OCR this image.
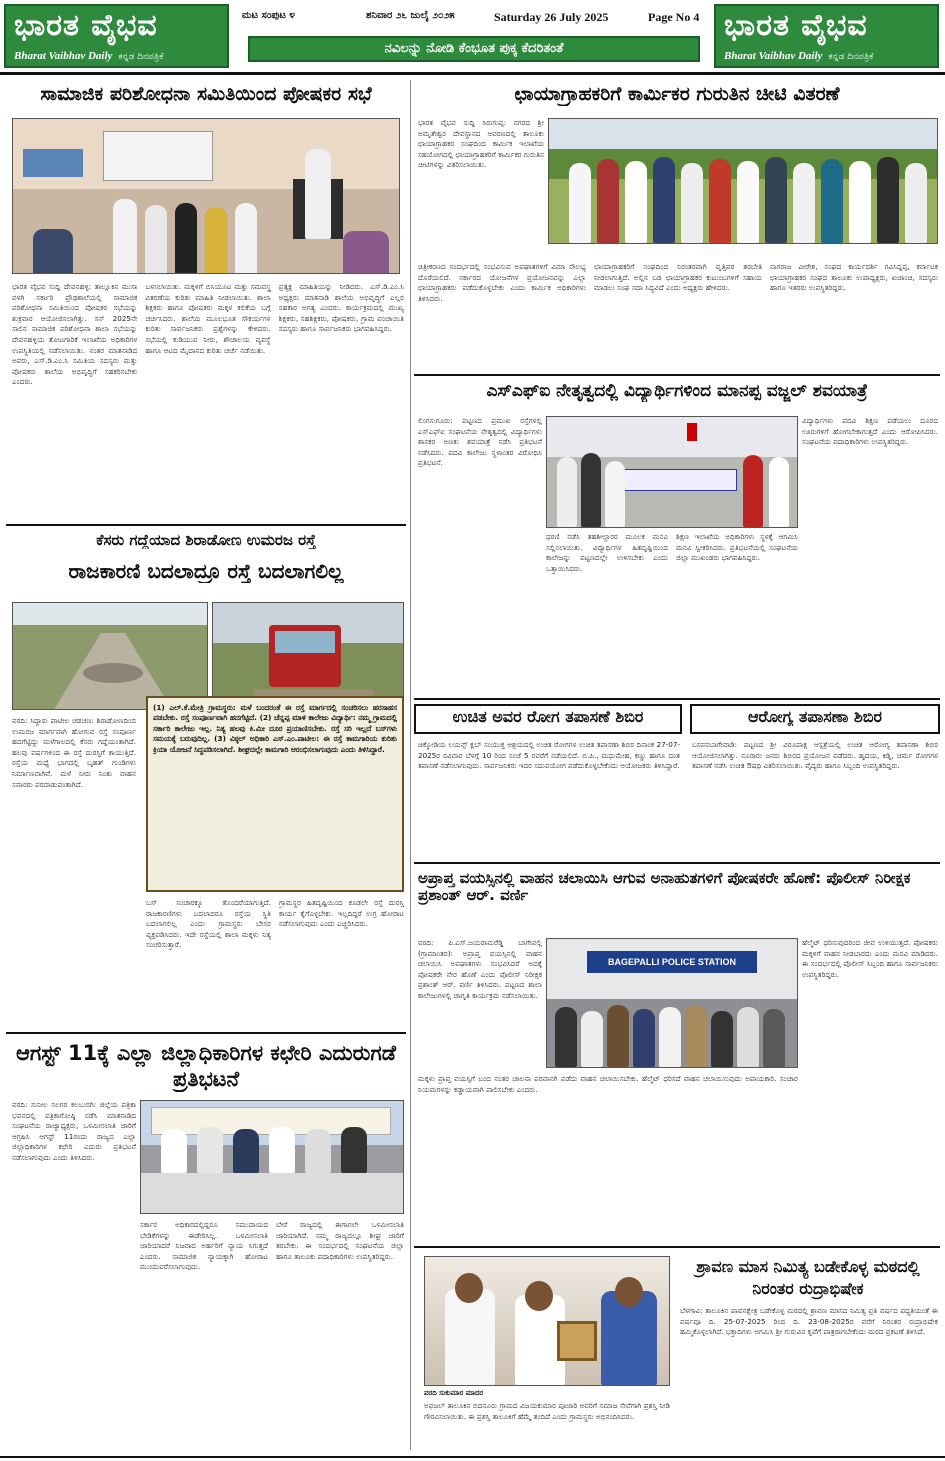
ಭಾರತ ವೈಭವ
Bharat Vaibhav Daily ಕನ್ನಡ ದಿನಪತ್ರಿಕೆ
ಮಟ ಸಂಪುಟ ೪	ಶನಿವಾರ ೨೬ ಜುಲೈ ೨೦೨೫	Saturday 26 July 2025	Page No 4
ನವಿಲನ್ನು ನೋಡಿ ಕೆಂಭೂತ ಪುಕ್ಕ ಕೆದರಿತಂತೆ
ಭಾರತ ವೈಭವ
Bharat Vaibhav Daily ಕನ್ನಡ ದಿನಪತ್ರಿಕೆ
ಸಾಮಾಜಿಕ ಪರಿಶೋಧನಾ ಸಮಿತಿಯಿಂದ ಪೋಷಕರ ಸಭೆ
ಭಾರತ ವೈಭವ ಸುದ್ದಿ ದೇವನಹಳ್ಳಿ: ತಾಲ್ಲೂಕಿನ ಮುಸಾ ವಳಗಿ ಸರ್ಕಾರಿ ಪ್ರೌಢಶಾಲೆಯಲ್ಲಿ ಸಾಮಾಜಿಕ ಪರಿಶೋಧನಾ ಸಮಿತಿಯಿಂದ ಪೋಷಕರ ಸಭೆಯನ್ನು ಶುಕ್ರವಾರ ಆಯೋಜಿಸಲಾಗಿತ್ತು. ಸನ್ 2025ನೇ ಸಾಲಿನ ಸಾಮಾಜಿಕ ಪರಿಶೋಧನಾ ಶಾಲಾ ಸಭೆಯನ್ನು ದೇವನಹಳ್ಳಿಯ ತೋಟಗಾರಿಕೆ ಇಲಾಖೆಯ ಅಧಿಕಾರಿಗಳ ಉಪಸ್ಥಿತಿಯಲ್ಲಿ ನಡೆಸಲಾಯಿತು. ನಂತರ ಮಾತನಾಡಿದ ಅವರು, ಎಸ್.ಡಿ.ಎಂ.ಸಿ ಸಮಿತಿಯ ಸದಸ್ಯರು ಮತ್ತು ಪೋಷಕರು ಶಾಲೆಯ ಅಭಿವೃದ್ಧಿಗೆ ಸಹಕರಿಸಬೇಕು ಎಂದರು.
ಬಳಸಲಾಯಿತು. ಮಕ್ಕಳಿಗೆ ಬಿಸಿಯೂಟ ಮತ್ತು ಸಮವಸ್ತ್ರ ವಿತರಣೆಯ ಕುರಿತು ಮಾಹಿತಿ ನೀಡಲಾಯಿತು. ಶಾಲಾ ಶಿಕ್ಷಕರು ಹಾಗೂ ಪೋಷಕರು ಮಕ್ಕಳ ಕಲಿಕೆಯ ಬಗ್ಗೆ ಚರ್ಚಿಸಿದರು. ಶಾಲೆಯ ಮೂಲಭೂತ ಸೌಕರ್ಯಗಳ ಕುರಿತು ಸಾರ್ವಜನಿಕರು ಪ್ರಶ್ನೆಗಳನ್ನು ಕೇಳಿದರು. ಸಭೆಯಲ್ಲಿ ಕುಡಿಯುವ ನೀರು, ಶೌಚಾಲಯ ವ್ಯವಸ್ಥೆ ಹಾಗೂ ಆಟದ ಮೈದಾನದ ಕುರಿತು ಚರ್ಚೆ ನಡೆಯಿತು.
ಪ್ರತ್ಯಕ್ಷ ಮಾಹಿತಿಯನ್ನು ನೀಡಿದರು. ಎಸ್.ಡಿ.ಎಂ.ಸಿ ಅಧ್ಯಕ್ಷರು ಮಾತನಾಡಿ ಶಾಲೆಯ ಅಭಿವೃದ್ಧಿಗೆ ಎಲ್ಲರ ಸಹಕಾರ ಅಗತ್ಯ ಎಂದರು. ಕಾರ್ಯಕ್ರಮದಲ್ಲಿ ಮುಖ್ಯ ಶಿಕ್ಷಕರು, ಸಹಶಿಕ್ಷಕರು, ಪೋಷಕರು, ಗ್ರಾಮ ಪಂಚಾಯಿತಿ ಸದಸ್ಯರು ಹಾಗೂ ಸಾರ್ವಜನಿಕರು ಭಾಗವಹಿಸಿದ್ದರು.
ಛಾಯಾಗ್ರಾಹಕರಿಗೆ ಕಾರ್ಮಿಕರ ಗುರುತಿನ ಚೀಟಿ ವಿತರಣೆ
ಭಾರತ ವೈಭವ ಸುದ್ದಿ ಸಿರುಗುಪ್ಪ: ನಗರದ ಶ್ರೀ ಅಮೃತೇಶ್ವರ ದೇವಸ್ಥಾನದ ಆವರಣದಲ್ಲಿ ತಾಲೂಕು ಛಾಯಾಗ್ರಾಹಕರ ಸಂಘದಿಂದ ಕಾರ್ಮಿಕ ಇಲಾಖೆಯ ಸಹಯೋಗದಲ್ಲಿ ಛಾಯಾಗ್ರಾಹಕರಿಗೆ ಕಾರ್ಮಿಕರ ಗುರುತಿನ ಚೀಟಿಗಳನ್ನು ವಿತರಿಸಲಾಯಿತು.
ಚಿತ್ರೀಕರಣದ ಸಂದರ್ಭದಲ್ಲಿ ಸಂಭವಿಸುವ ಅಪಘಾತಗಳಿಗೆ ವಿಮಾ ಸೌಲಭ್ಯ ದೊರೆಯಲಿದೆ. ಸರ್ಕಾರದ ಯೋಜನೆಗಳ ಪ್ರಯೋಜನವನ್ನು ಎಲ್ಲಾ ಛಾಯಾಗ್ರಾಹಕರು ಪಡೆದುಕೊಳ್ಳಬೇಕು ಎಂದು ಕಾರ್ಮಿಕ ಅಧಿಕಾರಿಗಳು ತಿಳಿಸಿದರು.
ಛಾಯಾಗ್ರಾಹಕರಿಗೆ ಸಂಘದಿಂದ ನಿರಂತರವಾಗಿ ವೃತ್ತಿಪರ ತರಬೇತಿ ನೀಡಲಾಗುತ್ತಿದೆ. ಅಲ್ಲಿನ ಬಡ ಛಾಯಾಗ್ರಾಹಕರ ಕುಟುಂಬಗಳಿಗೆ ಸಹಾಯ ಮಾಡಲು ಸಂಘ ಸದಾ ಸಿದ್ಧವಿದೆ ಎಂದು ಅಧ್ಯಕ್ಷರು ಹೇಳಿದರು.
ನಾಗರಾಜ ವೀರೇಶ, ಸಂಘದ ಕಾರ್ಯದರ್ಶಿ ಗವಿಸಿದ್ದಪ್ಪ, ಕರ್ನಾಟಕ ಛಾಯಾಗ್ರಾಹಕರ ಸಂಘದ ತಾಲೂಕು ಉಪಾಧ್ಯಕ್ಷರು, ಖಜಾಂಚಿ, ಸದಸ್ಯರು ಹಾಗೂ ಇತರರು ಉಪಸ್ಥಿತರಿದ್ದರು.
ಎಸ್‌ಎಫ್‌ಐ ನೇತೃತ್ವದಲ್ಲಿ ವಿದ್ಯಾರ್ಥಿಗಳಿಂದ ಮಾನಪ್ಪ ವಜ್ಜಲ್ ಶವಯಾತ್ರೆ
ಲಿಂಗಸುಗೂರು: ಪಟ್ಟಣದ ಪ್ರಮುಖ ರಸ್ತೆಗಳಲ್ಲಿ ಎಸ್‌ಎಫ್‌ಐ ಸಂಘಟನೆಯ ನೇತೃತ್ವದಲ್ಲಿ ವಿದ್ಯಾರ್ಥಿಗಳು ಶಾಸಕರ ಅಣಕು ಶವಯಾತ್ರೆ ನಡೆಸಿ ಪ್ರತಿಭಟನೆ ನಡೆಸಿದರು. ಪದವಿ ಕಾಲೇಜು ಸ್ಥಳಾಂತರ ವಿರೋಧಿಸಿ ಪ್ರತಿಭಟನೆ.
ವಿದ್ಯಾರ್ಥಿಗಳು ಪದವಿ ಶಿಕ್ಷಣ ಪಡೆಯಲು ದೂರದ ಊರುಗಳಿಗೆ ಹೋಗಬೇಕಾಗುತ್ತದೆ ಎಂದು ಆರೋಪಿಸಿದರು. ಸಂಘಟನೆಯ ಪದಾಧಿಕಾರಿಗಳು ಉಪಸ್ಥಿತರಿದ್ದರು.
ಧರಣಿ ನಡೆಸಿ ತಹಶೀಲ್ದಾರರ ಮೂಲಕ ಮನವಿ ಸಲ್ಲಿಸಲಾಯಿತು. ವಿದ್ಯಾರ್ಥಿಗಳ ಹಿತದೃಷ್ಟಿಯಿಂದ ಕಾಲೇಜನ್ನು ಪಟ್ಟಣದಲ್ಲೇ ಉಳಿಸಬೇಕು ಎಂದು ಒತ್ತಾಯಿಸಿದರು.
ಶಿಕ್ಷಣ ಇಲಾಖೆಯ ಅಧಿಕಾರಿಗಳು ಸ್ಥಳಕ್ಕೆ ಆಗಮಿಸಿ ಮನವಿ ಸ್ವೀಕರಿಸಿದರು. ಪ್ರತಿಭಟನೆಯಲ್ಲಿ ಸಂಘಟನೆಯ ಜಿಲ್ಲಾ ಮುಖಂಡರು ಭಾಗವಹಿಸಿದ್ದರು.
ಕೆಸರು ಗದ್ದೆಯಾದ ಶಿರಾಡೋಣ ಉಮರಜ ರಸ್ತೆ
ರಾಜಕಾರಣಿ ಬದಲಾದ್ರೂ ರಸ್ತೆ ಬದಲಾಗಲಿಲ್ಲ
ವರದಿ: ಸಿದ್ದಾರು ಪಾಟೀಲ ಚಡಚಣ: ಶಿರಾಡೋಣದಿಂದ ಉಮರಜ ಮಾರ್ಗವಾಗಿ ಹೋಗುವ ರಸ್ತೆ ಸಂಪೂರ್ಣ ಹದಗೆಟ್ಟಿದ್ದು ಮಳೆಗಾಲದಲ್ಲಿ ಕೆಸರು ಗದ್ದೆಯಂತಾಗಿದೆ. ಹಲವು ವರ್ಷಗಳಿಂದ ಈ ರಸ್ತೆ ದುರಸ್ತಿಗೆ ಕಾಯುತ್ತಿದೆ. ರಸ್ತೆಯ ಮಧ್ಯೆ ಭಾಗದಲ್ಲಿ ಬೃಹತ್ ಗುಂಡಿಗಳು ನಿರ್ಮಾಣವಾಗಿವೆ. ಮಳೆ ನೀರು ನಿಂತು ವಾಹನ ಸವಾರರು ಪರದಾಡುವಂತಾಗಿದೆ.
(1) ಎಲ್.ಕೆ.ಮೇತ್ರಿ ಗ್ರಾಮಸ್ಥರು: ಮಳೆ ಬಂದರಂತೆ ಈ ರಸ್ತೆ ಮಾರ್ಗದಲ್ಲಿ ಸಂಚರಿಸಲು ಹರಸಾಹಸ ಪಡಬೇಕು. ರಸ್ತೆ ಸಂಪೂರ್ಣವಾಗಿ ಹದಗೆಟ್ಟಿದೆ. (2) ಚೆನ್ನಪ್ಪ ಮಾಳಿ ಕಾಲೇಜು ವಿದ್ಯಾರ್ಥಿ: ನಮ್ಮ ಗ್ರಾಮದಲ್ಲಿ ಸರ್ಕಾರಿ ಕಾಲೇಜು ಇಲ್ಲ. ನಿತ್ಯ ಹಲವು ಕಿ.ಮೀ ದೂರ ಪ್ರಯಾಣಿಸಬೇಕು. ರಸ್ತೆ ಸರಿ ಇಲ್ಲದೆ ಬಸ್‌ಗಳು ಸಮಯಕ್ಕೆ ಬರುವುದಿಲ್ಲ. (3) ವಿಠ್ಠಲ್ ಅಧಿಕಾರಿ ಎಸ್.ಎಂ.ಪಾಟೀಲ: ಈ ರಸ್ತೆ ಕಾಮಗಾರಿಯ ಕುರಿತು ಕ್ರಿಯಾ ಯೋಜನೆ ಸಿದ್ಧಪಡಿಸಲಾಗಿದೆ. ಶೀಘ್ರದಲ್ಲೇ ಕಾಮಗಾರಿ ಆರಂಭಿಸಲಾಗುವುದು ಎಂದು ತಿಳಿಸಿದ್ದಾರೆ.
ಬಸ್ ಸಂಚಾರಕ್ಕೂ ತೊಂದರೆಯಾಗುತ್ತಿದೆ. ರಾಜಕಾರಣಿಗಳು ಬದಲಾದರೂ ರಸ್ತೆಯ ಸ್ಥಿತಿ ಬದಲಾಗಲಿಲ್ಲ ಎಂದು ಗ್ರಾಮಸ್ಥರು ಬೇಸರ ವ್ಯಕ್ತಪಡಿಸಿದರು. ಇದೇ ರಸ್ತೆಯಲ್ಲಿ ಶಾಲಾ ಮಕ್ಕಳು ನಿತ್ಯ ಸಂಚರಿಸುತ್ತಾರೆ.
ಗ್ರಾಮಸ್ಥರ ಹಿತದೃಷ್ಟಿಯಿಂದ ಕೂಡಲೇ ರಸ್ತೆ ದುರಸ್ತಿ ಕಾರ್ಯ ಕೈಗೊಳ್ಳಬೇಕು. ಇಲ್ಲದಿದ್ದರೆ ಉಗ್ರ ಹೋರಾಟ ನಡೆಸಲಾಗುವುದು ಎಂದು ಎಚ್ಚರಿಸಿದರು.
ಉಚಿತ ಅವರ ರೋಗ ತಪಾಸಣೆ ಶಿಬಿರ
ಚಿಕ್ಕೋಡಿಯ ಲಯನ್ಸ್ ಕ್ಲಬ್ ಸಂಯುಕ್ತ ಆಶ್ರಯದಲ್ಲಿ ಉಚಿತ ರೋಗಗಳ ಉಚಿತ ತಪಾಸಣಾ ಶಿಬಿರ ದಿನಾಂಕ 27-07-2025ರ ರವಿವಾರ ಬೆಳಗ್ಗೆ 10 ರಿಂದ ಸಂಜೆ 5 ರವರೆಗೆ ನಡೆಯಲಿದೆ. ಬಿ.ಪಿ., ಮಧುಮೇಹ, ಕಣ್ಣು ಹಾಗೂ ದಂತ ತಪಾಸಣೆ ನಡೆಸಲಾಗುವುದು. ಸಾರ್ವಜನಿಕರು ಇದರ ಸದುಪಯೋಗ ಪಡೆದುಕೊಳ್ಳಬೇಕೆಂದು ಆಯೋಜಕರು ತಿಳಿಸಿದ್ದಾರೆ.
ಆರೋಗ್ಯ ತಪಾಸಣಾ ಶಿಬಿರ
ಬಸವನಬಾಗೇವಾಡಿ: ಪಟ್ಟಣದ ಶ್ರೀ ವಿರೂಪಾಕ್ಷ ಆಸ್ಪತ್ರೆಯಲ್ಲಿ ಉಚಿತ ಆರೋಗ್ಯ ತಪಾಸಣಾ ಶಿಬಿರ ಆಯೋಜಿಸಲಾಗಿತ್ತು. ನೂರಾರು ಜನರು ಶಿಬಿರದ ಪ್ರಯೋಜನ ಪಡೆದರು. ಹೃದಯ, ಕಿಡ್ನಿ, ಚರ್ಮ ರೋಗಗಳ ತಪಾಸಣೆ ನಡೆಸಿ ಉಚಿತ ಔಷಧಿ ವಿತರಿಸಲಾಯಿತು. ವೈದ್ಯರು ಹಾಗೂ ಸಿಬ್ಬಂದಿ ಉಪಸ್ಥಿತರಿದ್ದರು.
ಅಪ್ರಾಪ್ತ ವಯಸ್ಸಿನಲ್ಲಿ ವಾಹನ ಚಲಾಯಿಸಿ ಆಗುವ ಅನಾಹುತಗಳಿಗೆ ಪೋಷಕರೇ ಹೊಣೆ: ಪೊಲೀಸ್ ನಿರೀಕ್ಷಕ ಪ್ರಶಾಂತ್ ಆರ್. ವರ್ಣಿ
ವರದಿ: ಪಿ.ಎಸ್.ಜಯರಾಮರೆಡ್ಡಿ ಬಾಗೇಪಲ್ಲಿ (ಗ್ರಾಮಾಂತರ): ಅಪ್ರಾಪ್ತ ವಯಸ್ಸಿನಲ್ಲಿ ವಾಹನ ಚಲಾಯಿಸಿ ಅಪಘಾತಗಳು ಸಂಭವಿಸಿದರೆ ಅದಕ್ಕೆ ಪೋಷಕರೇ ನೇರ ಹೊಣೆ ಎಂದು ಪೊಲೀಸ್ ನಿರೀಕ್ಷಕ ಪ್ರಶಾಂತ್ ಆರ್. ವರ್ಣಿ ತಿಳಿಸಿದರು. ಪಟ್ಟಣದ ಶಾಲಾ ಕಾಲೇಜುಗಳಲ್ಲಿ ಜಾಗೃತಿ ಕಾರ್ಯಕ್ರಮ ನಡೆಸಲಾಯಿತು.
BAGEPALLI POLICE STATION
ಹೆಲ್ಮೆಟ್ ಧರಿಸುವುದರಿಂದ ಜೀವ ಉಳಿಯುತ್ತದೆ. ಪೋಷಕರು ಮಕ್ಕಳಿಗೆ ವಾಹನ ನೀಡಬಾರದು ಎಂದು ಮನವಿ ಮಾಡಿದರು. ಈ ಸಂದರ್ಭದಲ್ಲಿ ಪೊಲೀಸ್ ಸಿಬ್ಬಂದಿ ಹಾಗೂ ಸಾರ್ವಜನಿಕರು ಉಪಸ್ಥಿತರಿದ್ದರು.
ಮಕ್ಕಳು ಪ್ರಾಪ್ತ ವಯಸ್ಸಿಗೆ ಬಂದ ನಂತರ ಚಾಲನಾ ಪರವಾನಗಿ ಪಡೆದು ವಾಹನ ಚಲಾಯಿಸಬೇಕು. ಹೆಲ್ಮೆಟ್ ಧರಿಸದೆ ವಾಹನ ಚಲಾಯಿಸುವುದು ಅಪಾಯಕಾರಿ. ಸಂಚಾರ ನಿಯಮಗಳನ್ನು ಕಡ್ಡಾಯವಾಗಿ ಪಾಲಿಸಬೇಕು ಎಂದರು.
ಆಗಸ್ಟ್ 11ಕ್ಕೆ ಎಲ್ಲಾ ಜಿಲ್ಲಾಧಿಕಾರಿಗಳ ಕಛೇರಿ ಎದುರುಗಡೆ ಪ್ರತಿಭಟನೆ
ವರದಿ: ಸುನೀಲ ಸಲಗರ ಕಲಬುರಗಿ: ಜಿಲ್ಲೆಯ ಪತ್ರಿಕಾ ಭವನದಲ್ಲಿ ಪತ್ರಿಕಾಗೋಷ್ಠಿ ನಡೆಸಿ ಮಾತನಾಡಿದ ಸಂಘಟನೆಯ ರಾಜ್ಯಾಧ್ಯಕ್ಷರು, ಒಳಮೀಸಲಾತಿ ಜಾರಿಗೆ ಆಗ್ರಹಿಸಿ ಆಗಸ್ಟ್ 11ರಂದು ರಾಜ್ಯದ ಎಲ್ಲಾ ಜಿಲ್ಲಾಧಿಕಾರಿಗಳ ಕಛೇರಿ ಎದುರು ಪ್ರತಿಭಟನೆ ನಡೆಸಲಾಗುವುದು ಎಂದು ತಿಳಿಸಿದರು.
ಸರ್ಕಾರ ಅಧಿಕಾರದಲ್ಲಿದ್ದರೂ ಸಮುದಾಯದ ಬೇಡಿಕೆಗಳನ್ನು ಈಡೇರಿಸಿಲ್ಲ. ಒಳಮೀಸಲಾತಿ ಜಾರಿಯಾದರೆ ನಿಜವಾದ ಅರ್ಹರಿಗೆ ನ್ಯಾಯ ಸಿಗುತ್ತದೆ ಎಂದರು. ಸಾಮಾಜಿಕ ನ್ಯಾಯಕ್ಕಾಗಿ ಹೋರಾಟ ಮುಂದುವರೆಸಲಾಗುವುದು.
ಬೇರೆ ರಾಜ್ಯದಲ್ಲಿ ಈಗಾಗಲೇ ಒಳಮೀಸಲಾತಿ ಜಾರಿಯಾಗಿದೆ. ನಮ್ಮ ರಾಜ್ಯದಲ್ಲೂ ಶೀಘ್ರ ಜಾರಿಗೆ ತರಬೇಕು. ಈ ಸಂದರ್ಭದಲ್ಲಿ ಸಂಘಟನೆಯ ಜಿಲ್ಲಾ ಹಾಗೂ ತಾಲೂಕು ಪದಾಧಿಕಾರಿಗಳು ಉಪಸ್ಥಿತರಿದ್ದರು.
ವರದಿ ಸುಕುಮಾರ ಮಾದರ
ಅಫಜಲ್ ತಾಲೂಕಿನ ಬಿದನೂರು ಗ್ರಾಮದ ವಿಜಯಕುಮಾರ ಪೂಜಾರಿ ಅವರಿಗೆ ಸಮಾಜ ಸೇವೆಗಾಗಿ ಪ್ರಶಸ್ತಿ ನೀಡಿ ಗೌರವಿಸಲಾಯಿತು. ಈ ಪ್ರಶಸ್ತಿ ತಾಲೂಕಿಗೆ ಹೆಮ್ಮೆ ತಂದಿದೆ ಎಂದು ಗ್ರಾಮಸ್ಥರು ಅಭಿನಂದಿಸಿದರು.
ಶ್ರಾವಣ ಮಾಸ ನಿಮಿತ್ಯ ಬಡೇಕೊಳ್ಳ ಮಠದಲ್ಲಿ ನಿರಂತರ ರುದ್ರಾಭಿಷೇಕ
ಬೆಳಗಾವಿ: ತಾಲೂಕಿನ ಪಾವನಕ್ಷೇತ್ರ ಬಡೇಕೊಳ್ಳ ಮಠದಲ್ಲಿ ಶ್ರಾವಣ ಮಾಸದ ನಿಮಿತ್ಯ ಪ್ರತಿ ವರ್ಷದ ಪದ್ಧತಿಯಂತೆ ಈ ವರ್ಷವೂ ದಿ. 25-07-2025 ರಿಂದ ದಿ. 23-08-2025ರ ವರೆಗೆ ನಿರಂತರ ರುದ್ರಾಭಿಷೇಕ ಹಮ್ಮಿಕೊಳ್ಳಲಾಗಿದೆ. ಭಕ್ತಾದಿಗಳು ಆಗಮಿಸಿ ಶ್ರೀ ಗುರುವಿನ ಕೃಪೆಗೆ ಪಾತ್ರರಾಗಬೇಕೆಂದು ಮಠದ ಪ್ರಕಟಣೆ ತಿಳಿಸಿದೆ.
